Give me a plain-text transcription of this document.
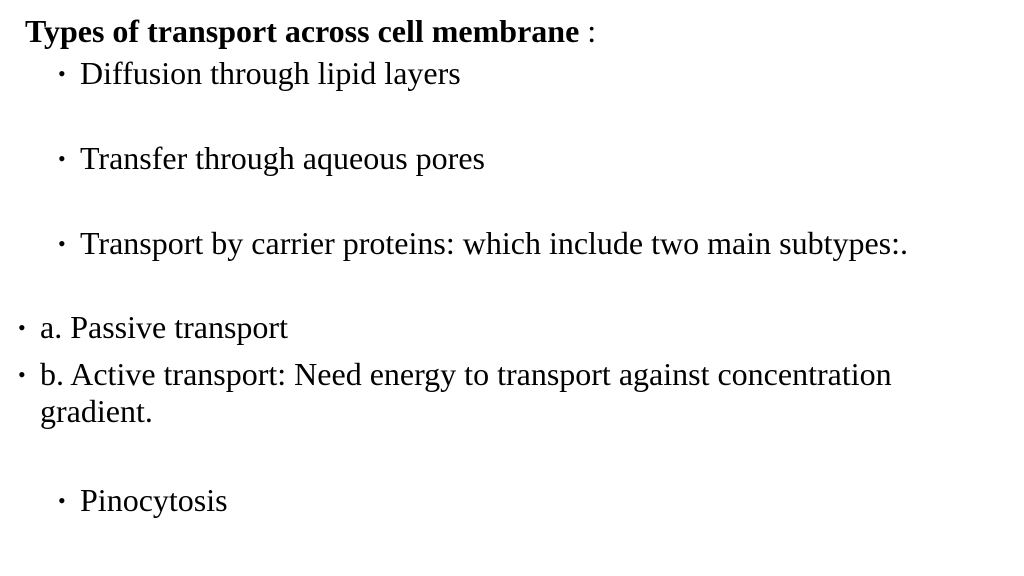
Types of transport across cell membrane :
• Diffusion through lipid layers
• Transfer through aqueous pores
• Transport by carrier proteins: which include two main subtypes:.
• a. Passive transport
• b. Active transport: Need energy to transport against concentration gradient.
• Pinocytosis
